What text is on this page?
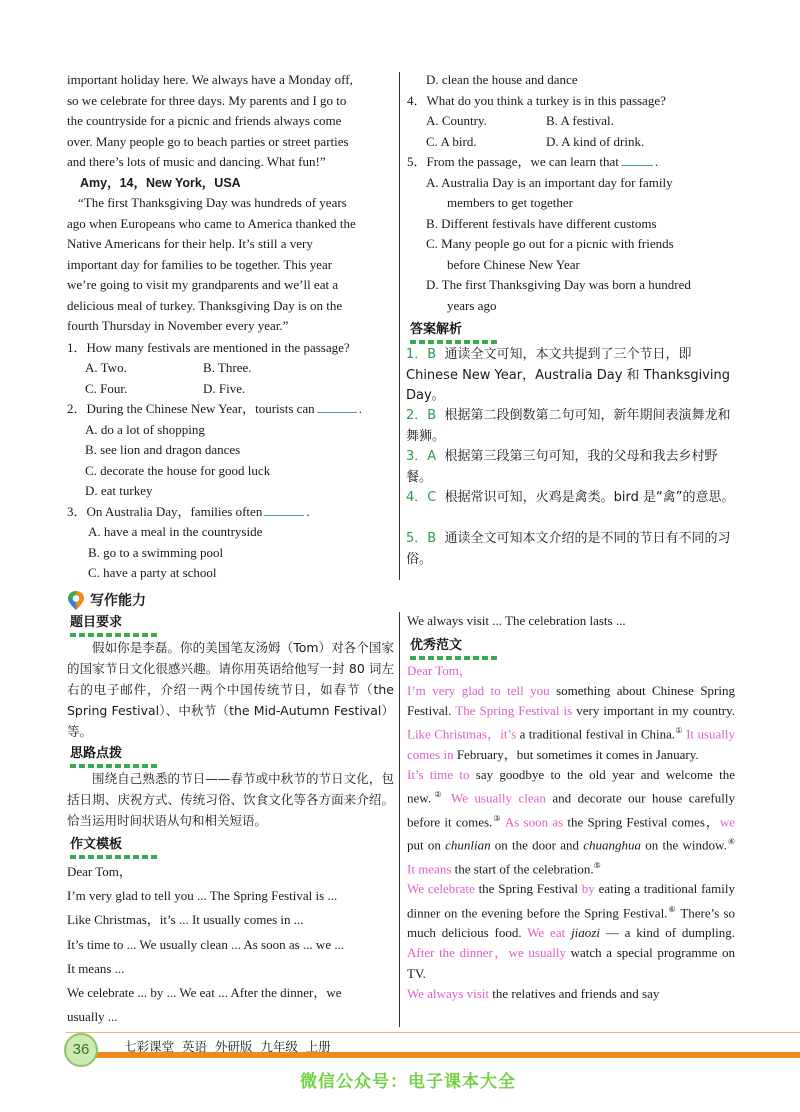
important holiday here. We always have a Monday off,
so we celebrate for three days. My parents and I go to
the countryside for a picnic and friends always come
over. Many people go to beach parties or street parties
and there’s lots of music and dancing. What fun!”
Amy，14，New York，USA
“The first Thanksgiving Day was hundreds of years
ago when Europeans who came to America thanked the
Native Americans for their help. It’s still a very
important day for families to be together. This year
we’re going to visit my grandparents and we’ll eat a
delicious meal of turkey. Thanksgiving Day is on the
fourth Thursday in November every year.”
1．How many festivals are mentioned in the passage?
A. Two.	B. Three.
C. Four.	D. Five.
2．During the Chinese New Year，tourists can	.
A. do a lot of shopping
B. see lion and dragon dances
C. decorate the house for good luck
D. eat turkey
3．On Australia Day，families often	.
A. have a meal in the countryside
B. go to a swimming pool
C. have a party at school
D. clean the house and dance
4．What do you think a turkey is in this passage?
A. Country.	B. A festival.
C. A bird.	D. A kind of drink.
5．From the passage，we can learn that	.
A. Australia Day is an important day for family
members to get together
B. Different festivals have different customs
C. Many people go out for a picnic with friends
before Chinese New Year
D. The first Thanksgiving Day was born a hundred
years ago
答案解析
1．B 通读全文可知，本文共提到了三个节日，即 Chinese New Year，Australia Day 和 Thanksgiving Day。
2．B 根据第二段倒数第二句可知，新年期间表演舞龙和舞狮。
3．A 根据第三段第三句可知，我的父母和我去乡村野餐。
4．C 根据常识可知，火鸡是禽类。bird 是“禽”的意思。
5．B 通读全文可知本文介绍的是不同的节日有不同的习俗。
写作能力
题目要求
假如你是李磊。你的美国笔友汤姆（Tom）对各个国家的国家节日文化很感兴趣。请你用英语给他写一封 80 词左右的电子邮件，介绍一两个中国传统节日，如春节（the Spring Festival）、中秋节（the Mid-Autumn Festival）等。
思路点拨
围绕自己熟悉的节日——春节或中秋节的节日文化，包括日期、庆祝方式、传统习俗、饮食文化等各方面来介绍。恰当运用时间状语从句和相关短语。
作文模板
Dear Tom，
I’m very glad to tell you ... The Spring Festival is ...
Like Christmas，it’s ... It usually comes in ...
It’s time to ... We usually clean ... As soon as ... we ...
It means ...
We celebrate ... by ... We eat ... After the dinner，we
usually ...
We always visit ... The celebration lasts ...
优秀范文
Dear Tom，
I’m very glad to tell you something about Chinese Spring Festival. The Spring Festival is very important in my country. Like Christmas，it’s a traditional festival in China.① It usually comes in February，but sometimes it comes in January.
It’s time to say goodbye to the old year and welcome the new.② We usually clean and decorate our house carefully before it comes.③ As soon as the Spring Festival comes，we put on chunlian on the door and chuanghua on the window.④ It means the start of the celebration.⑤
We celebrate the Spring Festival by eating a traditional family dinner on the evening before the Spring Festival.⑥ There’s so much delicious food. We eat jiaozi — a kind of dumpling. After the dinner，we usually watch a special programme on TV.
We always visit the relatives and friends and say
36	七彩课堂  英语  外研版  九年级  上册
微信公众号：电子课本大全
